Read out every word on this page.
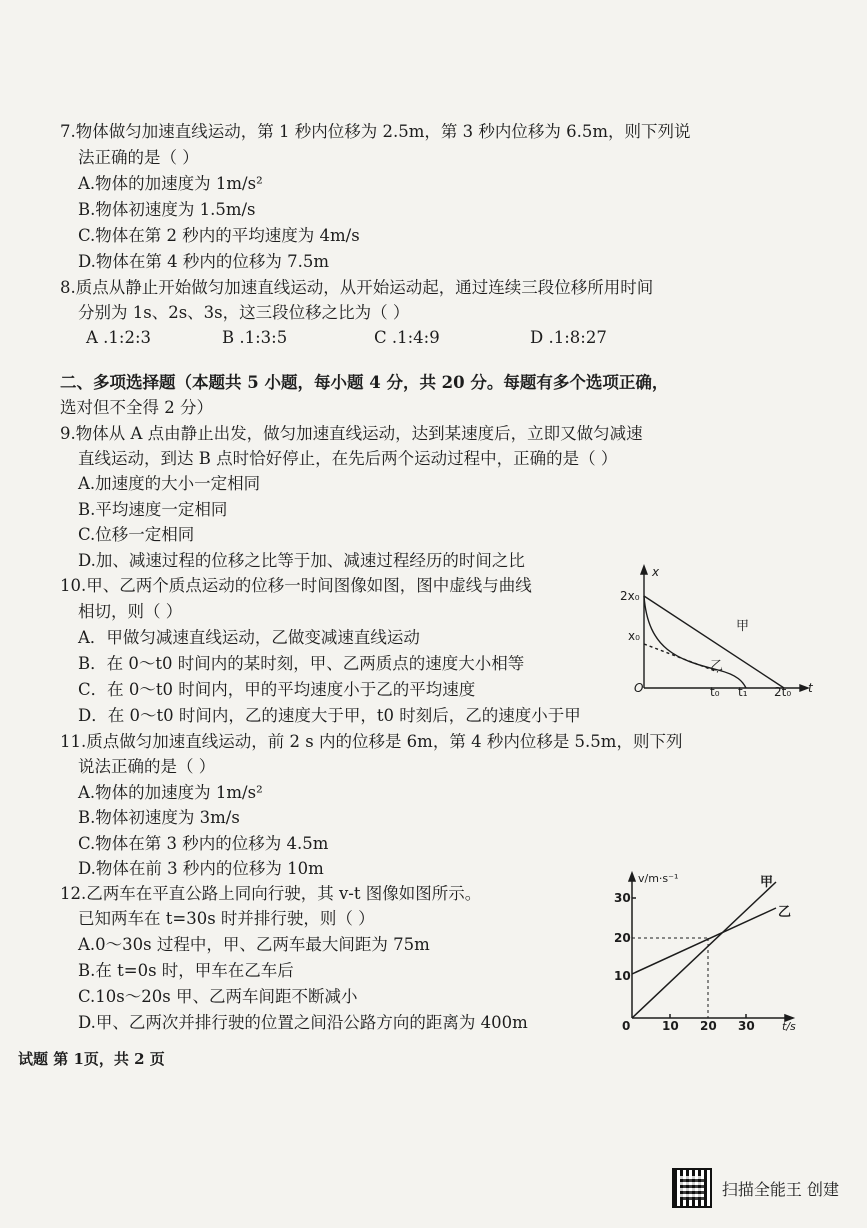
7.物体做匀加速直线运动，第 1 秒内位移为 2.5m，第 3 秒内位移为 6.5m，则下列说
法正确的是（ ）
A.物体的加速度为 1m/s²
B.物体初速度为 1.5m/s
C.物体在第 2 秒内的平均速度为 4m/s
D.物体在第 4 秒内的位移为 7.5m
8.质点从静止开始做匀加速直线运动，从开始运动起，通过连续三段位移所用时间
分别为 1s、2s、3s，这三段位移之比为（ ）
A .1:2:3	B .1:3:5	C .1:4:9	D .1:8:27
二、多项选择题（本题共 5 小题，每小题 4 分，共 20 分。每题有多个选项正确，
选对但不全得 2 分）
9.物体从 A 点由静止出发，做匀加速直线运动，达到某速度后，立即又做匀减速
直线运动，到达 B 点时恰好停止，在先后两个运动过程中，正确的是（ ）
A.加速度的大小一定相同
B.平均速度一定相同
C.位移一定相同
D.加、减速过程的位移之比等于加、减速过程经历的时间之比
10.甲、乙两个质点运动的位移一时间图像如图，图中虚线与曲线
相切，则（ ）
A．甲做匀减速直线运动，乙做变减速直线运动
B．在 0～t0 时间内的某时刻，甲、乙两质点的速度大小相等
C．在 0～t0 时间内，甲的平均速度小于乙的平均速度
D．在 0～t0 时间内，乙的速度大于甲，t0 时刻后，乙的速度小于甲
x
2x₀
x₀
O	t₀ t₁ 2t₀ t
甲
乙
11.质点做匀加速直线运动，前 2 s 内的位移是 6m，第 4 秒内位移是 5.5m，则下列
说法正确的是（ ）
A.物体的加速度为 1m/s²
B.物体初速度为 3m/s
C.物体在第 3 秒内的位移为 4.5m
D.物体在前 3 秒内的位移为 10m
12.乙两车在平直公路上同向行驶，其 v-t 图像如图所示。
已知两车在 t=30s 时并排行驶，则（ ）
A.0～30s 过程中，甲、乙两车最大间距为 75m
B.在 t=0s 时，甲车在乙车后
C.10s～20s 甲、乙两车间距不断减小
D.甲、乙两次并排行驶的位置之间沿公路方向的距离为 400m
v/m·s⁻¹
30
20
10
0	10 20 30 t/s
甲
乙
试题 第 1页，共 2 页
扫描全能王 创建
